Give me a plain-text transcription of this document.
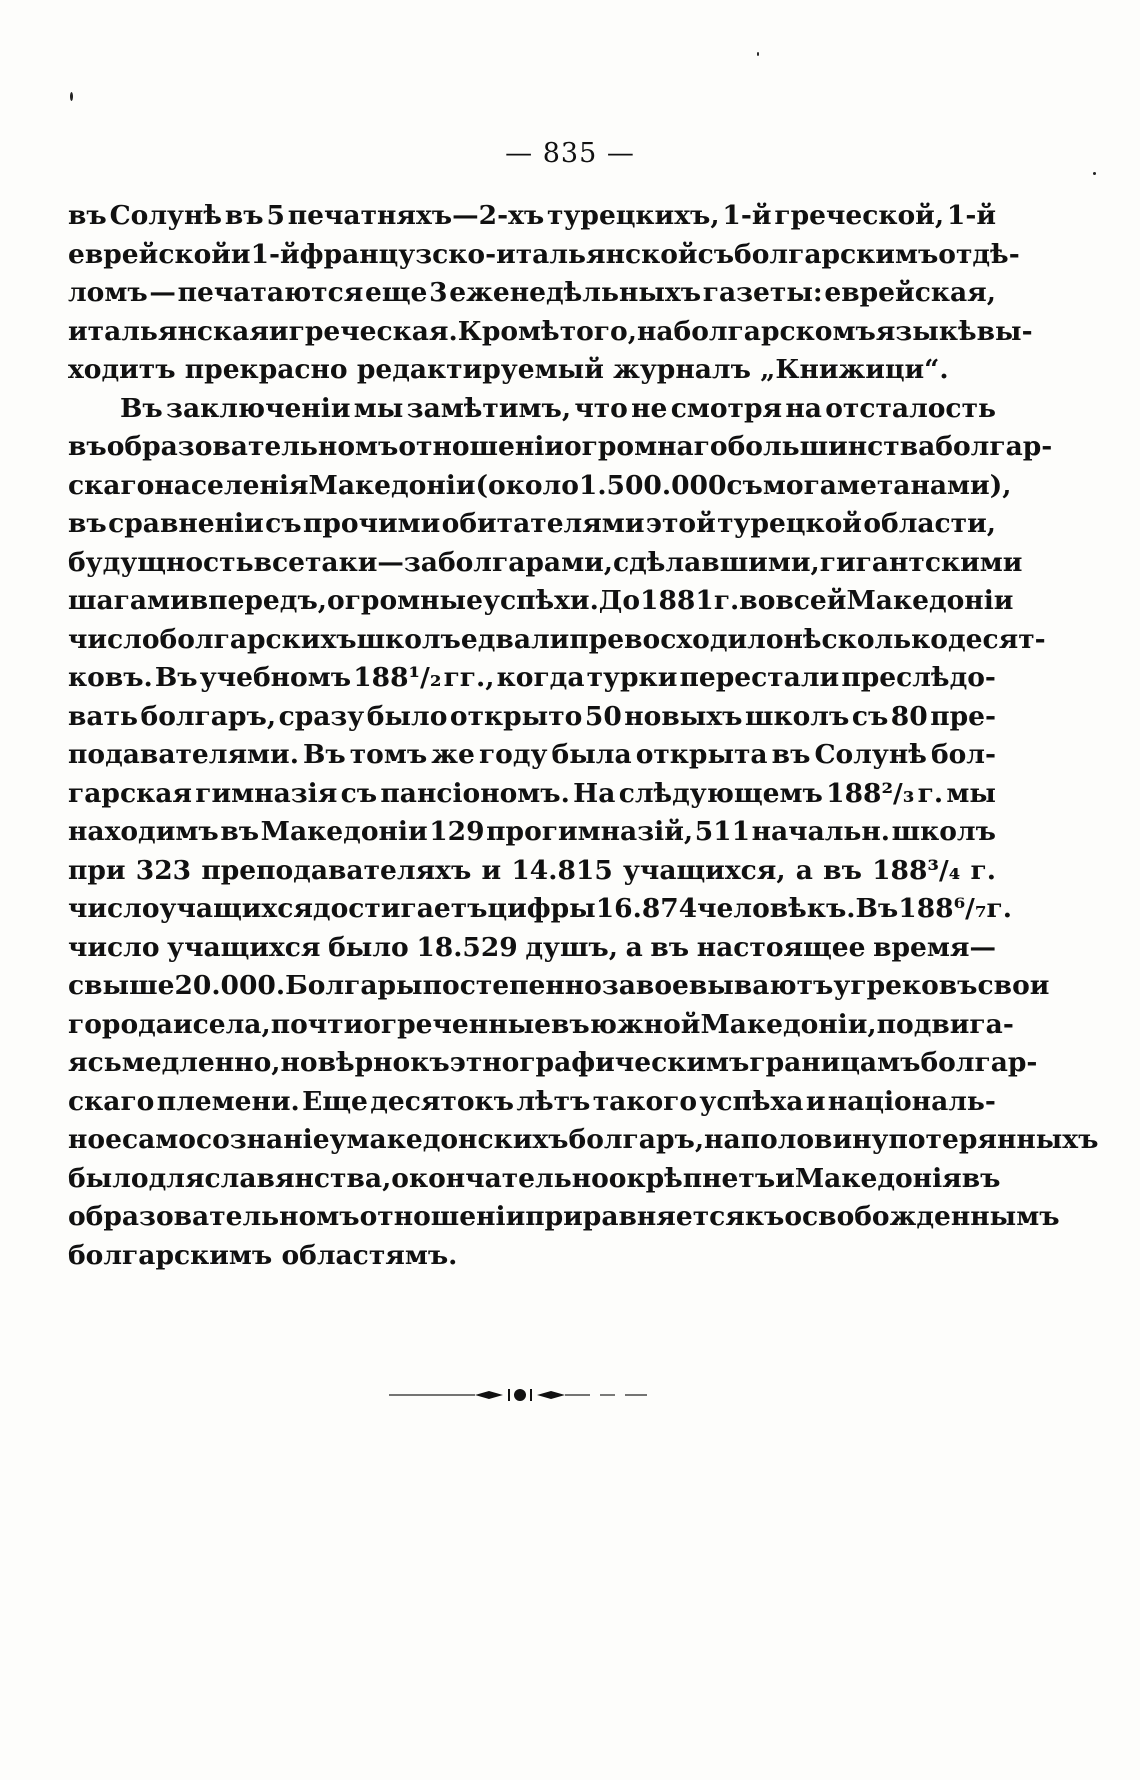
— 835 —
въ Солунѣ въ 5 печатняхъ—2-хъ турецкихъ, 1-й греческой, 1-й
еврейской и 1-й французско - итальянской съ болгарскимъ отдѣ-
ломъ — печатаются еще 3 еженедѣльныхъ газеты: еврейская,
итальянская и греческая. Кромѣ того, на болгарскомъ языкѣ вы-
ходитъ прекрасно редактируемый журналъ „Книжици“.
Въ заключеніи мы замѣтимъ, что не смотря на отсталость
въ образовательномъ отношеніи огромнаго большинства болгар-
скаго населенія Македоніи (около 1.500.000 съ могаметанами),
въ сравненіи съ прочими обитателями этой турецкой области,
будущность все таки—за болгарами, сдѣлавшими, гигантскими
шагами впередъ, огромные успѣхи. До 1881 г. во всей Македоніи
число болгарскихъ школъ едвали превосходило нѣсколько десят-
ковъ. Въ учебномъ 188¹/₂ гг., когда турки перестали преслѣдо-
вать болгаръ, сразу было открыто 50 новыхъ школъ съ 80 пре-
подавателями. Въ томъ же году была открыта въ Солунѣ бол-
гарская гимназія съ пансіономъ. На слѣдующемъ 188²/₃ г. мы
находимъ въ Македоніи 129 прогимназій, 511 начальн. школъ
при 323 преподавателяхъ и 14.815 учащихся, а въ 188³/₄ г.
число учащихся достигаетъ цифры 16.874 человѣкъ. Въ 188⁶/₇ г.
число учащихся было 18.529 душъ, а въ настоящее время—
свыше 20.000. Болгары постепенно завоевываютъ у грековъ свои
города и села, почти огреченные въ южной Македоніи, подвига-
ясь медленно, но вѣрно къ этнографическимъ границамъ болгар-
скаго племени. Еще десятокъ лѣтъ такого успѣха и національ-
ное самосознаніе у македонскихъ болгаръ, наполовину потерянныхъ
было для славянства, окончательно окрѣпнетъ и Македонія въ
образовательномъ отношеніи приравняется къ освобожденнымъ
болгарскимъ областямъ.
